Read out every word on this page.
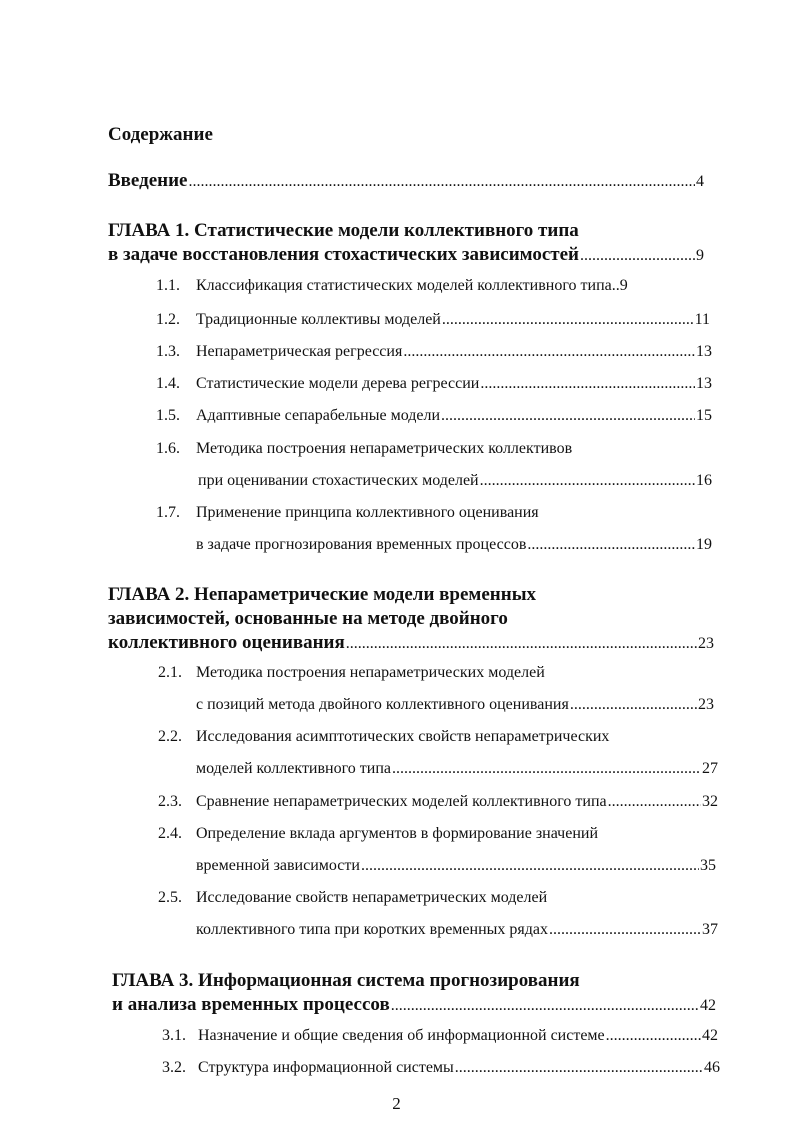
Содержание
Введение .....	4
ГЛАВА 1. Статистические модели коллективного типа
в задаче восстановления стохастических зависимостей .....	9
1.1. Классификация статистических моделей коллективного типа.. 9
1.2. Традиционные коллективы моделей .....	11
1.3. Непараметрическая регрессия .....	13
1.4. Статистические модели дерева регрессии .....	13
1.5. Адаптивные сепарабельные модели .....	15
1.6. Методика построения непараметрических коллективов
при оценивании стохастических моделей .....	16
1.7. Применение принципа коллективного оценивания
в задаче прогнозирования временных процессов .....	19
ГЛАВА 2. Непараметрические модели временных
зависимостей, основанные на методе двойного
коллективного оценивания .....	23
2.1. Методика построения непараметрических моделей
с позиций метода двойного коллективного оценивания .....	23
2.2. Исследования асимптотических свойств непараметрических
моделей коллективного типа .....	27
2.3. Сравнение непараметрических моделей коллективного типа .....	32
2.4. Определение вклада аргументов в формирование значений
временной зависимости .....	35
2.5. Исследование свойств непараметрических моделей
коллективного типа при коротких временных рядах .....	37
ГЛАВА 3. Информационная система прогнозирования
и анализа временных процессов .....	42
3.1. Назначение и общие сведения об информационной системе .....	42
3.2. Структура информационной системы .....	46
2
